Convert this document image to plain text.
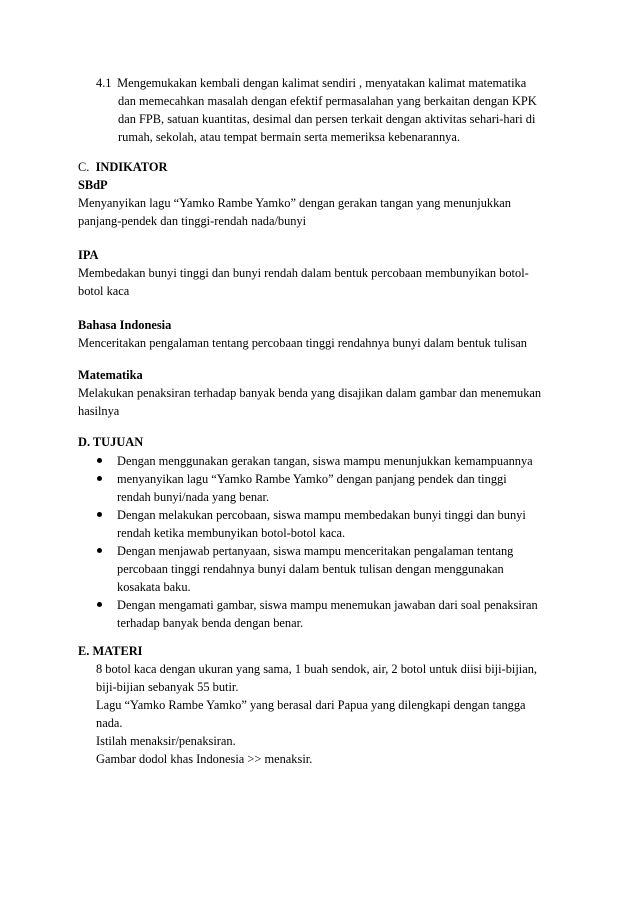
4.1 Mengemukakan kembali dengan kalimat sendiri , menyatakan kalimat matematika
dan memecahkan masalah dengan efektif permasalahan yang berkaitan dengan KPK
dan FPB, satuan kuantitas, desimal dan persen terkait dengan aktivitas sehari-hari di
rumah, sekolah, atau tempat bermain serta memeriksa kebenarannya.
C. INDIKATOR
SBdP
Menyanyikan lagu “Yamko Rambe Yamko” dengan gerakan tangan yang menunjukkan
panjang-pendek dan tinggi-rendah nada/bunyi
IPA
Membedakan bunyi tinggi dan bunyi rendah dalam bentuk percobaan membunyikan botol-
botol kaca
Bahasa Indonesia
Menceritakan pengalaman tentang percobaan tinggi rendahnya bunyi dalam bentuk tulisan
Matematika
Melakukan penaksiran terhadap banyak benda yang disajikan dalam gambar dan menemukan
hasilnya
D. TUJUAN
Dengan menggunakan gerakan tangan, siswa mampu menunjukkan kemampuannya
menyanyikan lagu “Yamko Rambe Yamko” dengan panjang pendek dan tinggi
rendah bunyi/nada yang benar.
Dengan melakukan percobaan, siswa mampu membedakan bunyi tinggi dan bunyi
rendah ketika membunyikan botol-botol kaca.
Dengan menjawab pertanyaan, siswa mampu menceritakan pengalaman tentang
percobaan tinggi rendahnya bunyi dalam bentuk tulisan dengan menggunakan
kosakata baku.
Dengan mengamati gambar, siswa mampu menemukan jawaban dari soal penaksiran
terhadap banyak benda dengan benar.
E. MATERI
8 botol kaca dengan ukuran yang sama, 1 buah sendok, air, 2 botol untuk diisi biji-bijian,
biji-bijian sebanyak 55 butir.
Lagu “Yamko Rambe Yamko” yang berasal dari Papua yang dilengkapi dengan tangga
nada.
Istilah menaksir/penaksiran.
Gambar dodol khas Indonesia >> menaksir.
